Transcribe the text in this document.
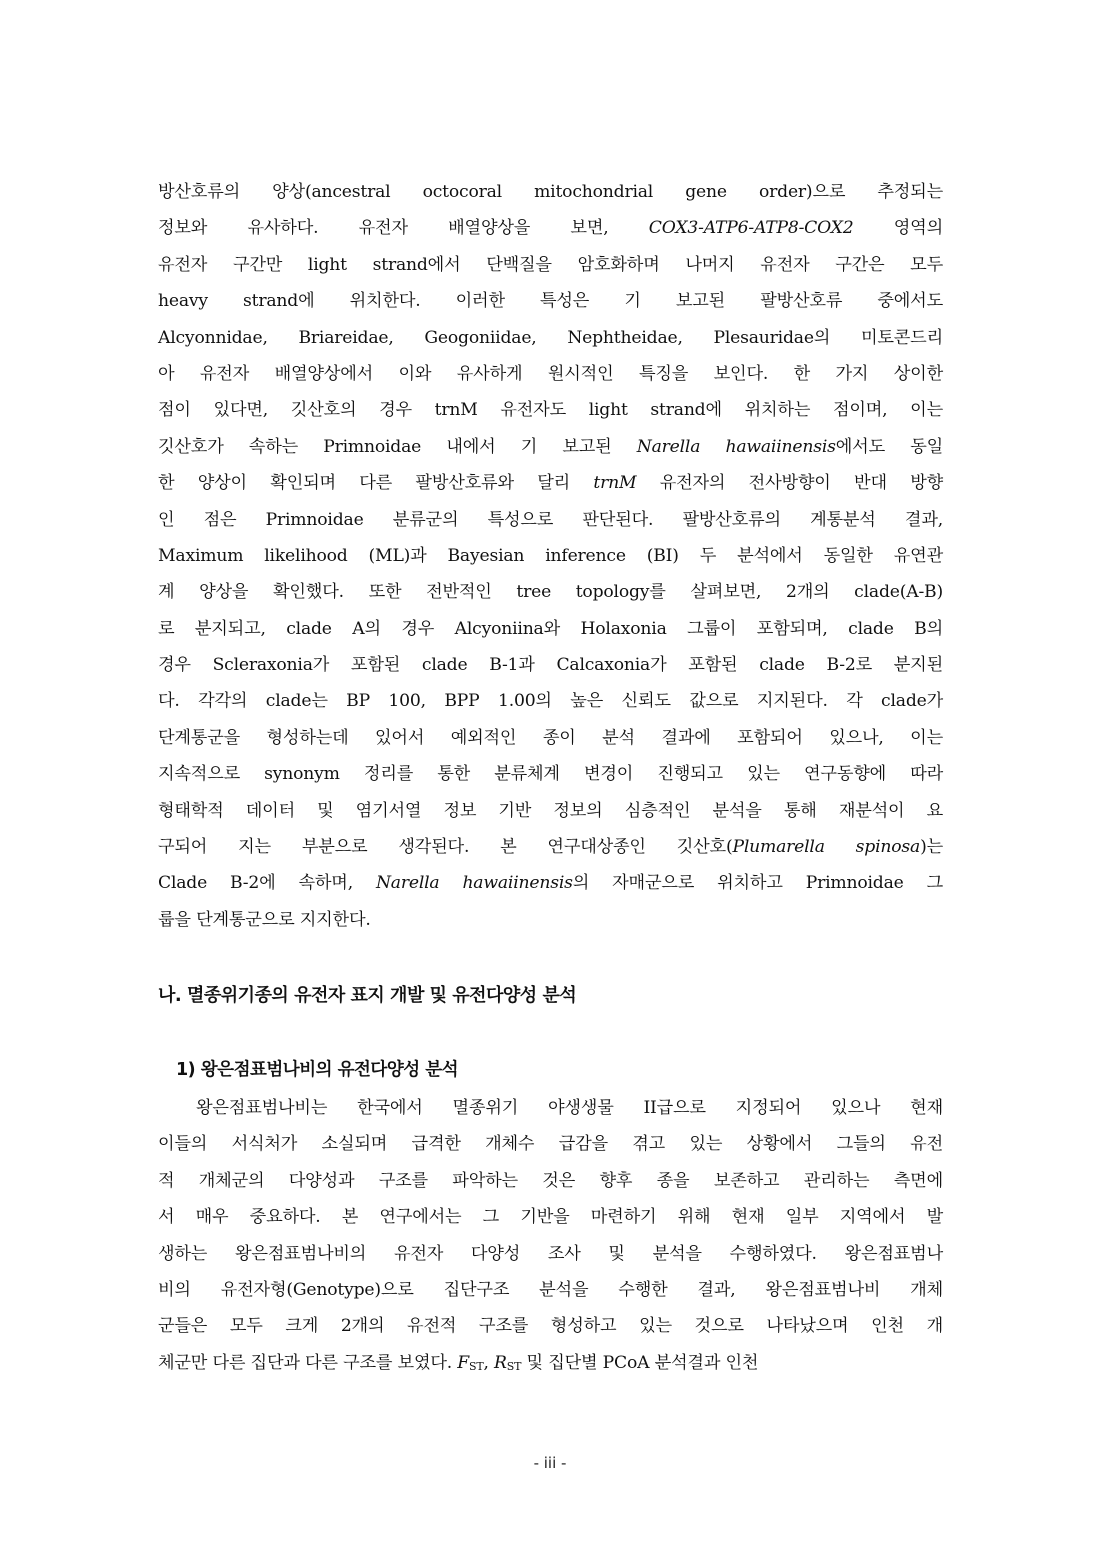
방산호류의 양상(ancestral octocoral mitochondrial gene order)으로 추정되는
정보와 유사하다. 유전자 배열양상을 보면, COX3-ATP6-ATP8-COX2 영역의
유전자 구간만 light strand에서 단백질을 암호화하며 나머지 유전자 구간은 모두
heavy strand에 위치한다. 이러한 특성은 기 보고된 팔방산호류 중에서도
Alcyonnidae, Briareidae, Geogoniidae, Nephtheidae, Plesauridae의 미토콘드리
아 유전자 배열양상에서 이와 유사하게 원시적인 특징을 보인다. 한 가지 상이한
점이 있다면, 깃산호의 경우 trnM 유전자도 light strand에 위치하는 점이며, 이는
깃산호가 속하는 Primnoidae 내에서 기 보고된 Narella hawaiinensis에서도 동일
한 양상이 확인되며 다른 팔방산호류와 달리 trnM 유전자의 전사방향이 반대 방향
인 점은 Primnoidae 분류군의 특성으로 판단된다. 팔방산호류의 계통분석 결과,
Maximum likelihood (ML)과 Bayesian inference (BI) 두 분석에서 동일한 유연관
계 양상을 확인했다. 또한 전반적인 tree topology를 살펴보면, 2개의 clade(A-B)
로 분지되고, clade A의 경우 Alcyoniina와 Holaxonia 그룹이 포함되며, clade B의
경우 Scleraxonia가 포함된 clade B-1과 Calcaxonia가 포함된 clade B-2로 분지된
다. 각각의 clade는 BP 100, BPP 1.00의 높은 신뢰도 값으로 지지된다. 각 clade가
단계통군을 형성하는데 있어서 예외적인 종이 분석 결과에 포함되어 있으나, 이는
지속적으로 synonym 정리를 통한 분류체계 변경이 진행되고 있는 연구동향에 따라
형태학적 데이터 및 염기서열 정보 기반 정보의 심층적인 분석을 통해 재분석이 요
구되어 지는 부분으로 생각된다. 본 연구대상종인 깃산호(Plumarella spinosa)는
Clade B-2에 속하며, Narella hawaiinensis의 자매군으로 위치하고 Primnoidae 그
룹을 단계통군으로 지지한다.
나. 멸종위기종의 유전자 표지 개발 및 유전다양성 분석
1) 왕은점표범나비의 유전다양성 분석
왕은점표범나비는 한국에서 멸종위기 야생생물 II급으로 지정되어 있으나 현재
이들의 서식처가 소실되며 급격한 개체수 급감을 겪고 있는 상황에서 그들의 유전
적 개체군의 다양성과 구조를 파악하는 것은 향후 종을 보존하고 관리하는 측면에
서 매우 중요하다. 본 연구에서는 그 기반을 마련하기 위해 현재 일부 지역에서 발
생하는 왕은점표범나비의 유전자 다양성 조사 및 분석을 수행하였다. 왕은점표범나
비의 유전자형(Genotype)으로 집단구조 분석을 수행한 결과, 왕은점표범나비 개체
군들은 모두 크게 2개의 유전적 구조를 형성하고 있는 것으로 나타났으며 인천 개
체군만 다른 집단과 다른 구조를 보였다. FST, RST 및 집단별 PCoA 분석결과 인천
- iii -
